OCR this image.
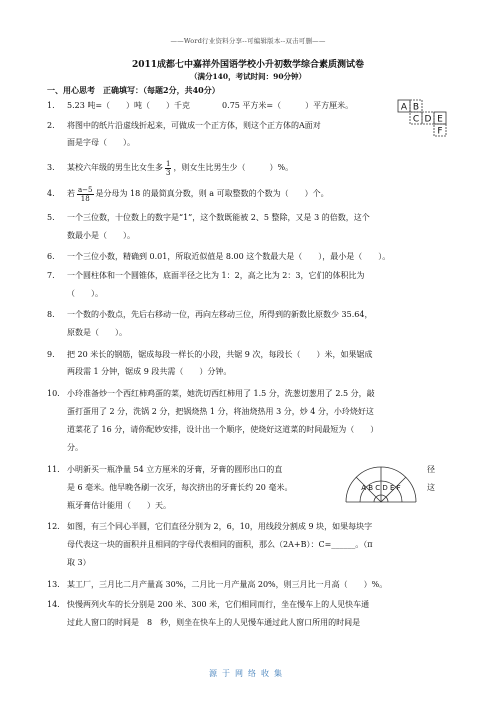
——Word行业资料分享--可编辑版本--双击可删——
2011成都七中嘉祥外国语学校小升初数学综合素质测试卷
（满分140，考试时间：90分钟）
一、用心思考　正确填写：（每题2分，共40分）
1. 5.23 吨=（　　）吨（　　）千克　　　　0.75 平方米=（　　　）平方厘米。
2. 将图中的纸片沿虚线折起来，可做成一个正方体，则这个正方体的A面对
面是字母（　　）。
A B
C D E
F
3. 某校六年级的男生比女生多 $\frac{1}{3}$ ，则女生比男生少（　　　）%。
4. 若 $\frac{a-5}{18}$ 是分母为 18 的最简真分数，则 a 可取整数的个数为（　　）个。
5. 一个三位数，十位数上的数字是“1”，这个数既能被 2、5 整除，又是 3 的倍数，这个
数最小是（　　）。
6. 一个三位小数，精确到 0.01，所取近似值是 8.00 这个数最大是（　　），最小是（　　）。
7. 一个圆柱体和一个圆锥体，底面半径之比为 1：2，高之比为 2：3，它们的体积比为
（　　）。
8. 一个数的小数点，先后右移动一位，再向左移动三位，所得到的新数比原数少 35.64，
原数是（　　）。
9. 把 20 米长的钢筋，锯成每段一样长的小段，共锯 9 次，每段长（　　）米，如果锯成
两段需 1 分钟，锯成 9 段共需（　　）分钟。
10. 小玲准备炒一个西红柿鸡蛋的菜，她洗切西红柿用了 1.5 分，洗葱切葱用了 2.5 分，敲
蛋打蛋用了 2 分，洗锅 2 分，把锅烧热 1 分，将油烧热用 3 分，炒 4 分，小玲烧好这
道菜花了 16 分，请你配妙安排，设计出一个顺序，使烧好这道菜的时间最短为（　　）
分。
11. 小明新买一瓶净量 54 立方厘米的牙膏，牙膏的圆形出口的直	径
是 6 毫米。他早晚各刷一次牙，每次挤出的牙膏长约 20 毫米。	这
瓶牙膏估计能用（　　）天。
A B C D E F
12. 如图，有三个同心半圆，它们直径分别为 2，6，10，用线段分割成 9 块，如果每块字
母代表这一块的面积并且相同的字母代表相同的面积，那么（2A+B）：C=______。（π
取 3）
13. 某工厂，三月比二月产量高 30%，二月比一月产量高 20%，则三月比一月高（　　）%。
14. 快慢两列火车的长分别是 200 米、300 米，它们相同而行，坐在慢车上的人见快车通
过此人窗口的时间是　8　秒，则坐在快车上的人见慢车通过此人窗口所用的时间是
源于网络收集
